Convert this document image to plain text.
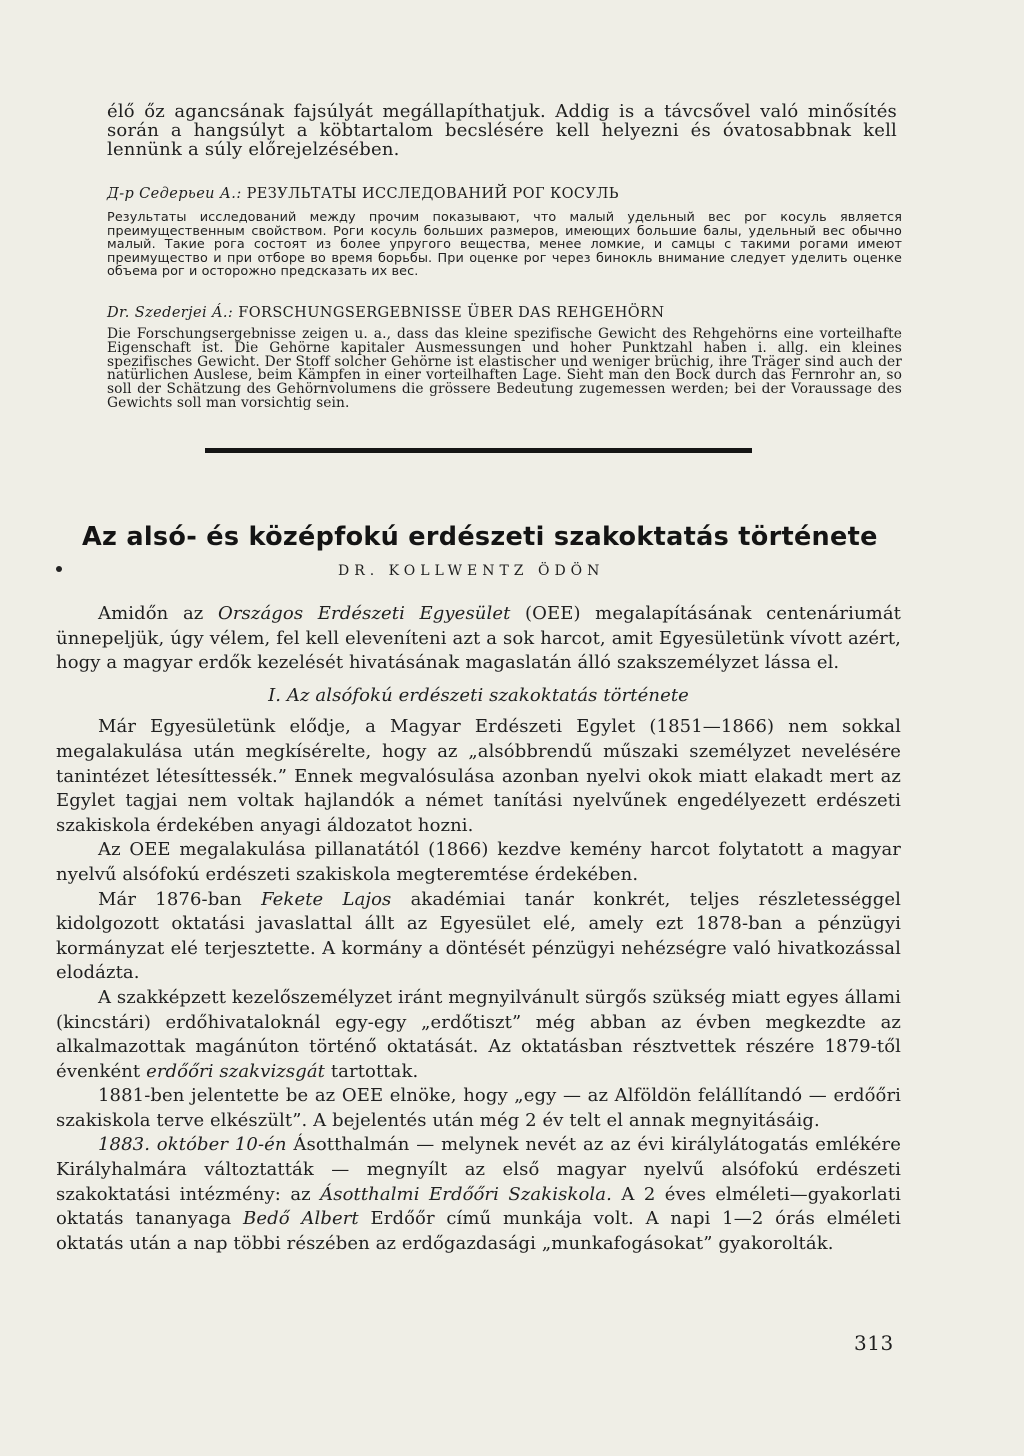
élő őz agancsának fajsúlyát megállapíthatjuk. Addig is a távcsővel való minősítés során a hangsúlyt a köbtartalom becslésére kell helyezni és óvatosabbnak kell lennünk a súly előrejelzésében.
Д-р Седерьеи А.: РЕЗУЛЬТАТЫ ИССЛЕДОВАНИЙ РОГ КОСУЛЬ
Результаты исследований между прочим показывают, что малый удельный вес рог косуль является преимущественным свойством. Роги косуль больших размеров, имеющих большие балы, удельный вес обычно малый. Такие рога состоят из более упругого вещества, менее ломкие, и самцы с такими рогами имеют преимущество и при отборе во время борьбы. При оценке рог через бинокль внимание следует уделить оценке объема рог и осторожно предсказать их вес.
Dr. Szederjei Á.: FORSCHUNGSERGEBNISSE ÜBER DAS REHGEHÖRN
Die Forschungsergebnisse zeigen u. a., dass das kleine spezifische Gewicht des Rehgehörns eine vorteilhafte Eigenschaft ist. Die Gehörne kapitaler Ausmessungen und hoher Punktzahl haben i. allg. ein kleines spezifisches Gewicht. Der Stoff solcher Gehörne ist elastischer und weniger brüchig, ihre Träger sind auch der natürlichen Auslese, beim Kämpfen in einer vorteilhaften Lage. Sieht man den Bock durch das Fernrohr an, so soll der Schätzung des Gehörnvolumens die grössere Bedeutung zugemessen werden; bei der Voraussage des Gewichts soll man vorsichtig sein.
Az alsó- és középfokú erdészeti szakoktatás története
DR. KOLLWENTZ ÖDÖN

Amidőn az Országos Erdészeti Egyesület (OEE) megalapításának centenáriumát ünnepeljük, úgy vélem, fel kell eleveníteni azt a sok harcot, amit Egyesületünk vívott azért, hogy a magyar erdők kezelését hivatásának magaslatán álló szakszemélyzet lássa el.

I. Az alsófokú erdészeti szakoktatás története

Már Egyesületünk elődje, a Magyar Erdészeti Egylet (1851—1866) nem sokkal megalakulása után megkísérelte, hogy az „alsóbbrendű műszaki személyzet nevelésére tanintézet létesíttessék.” Ennek megvalósulása azonban nyelvi okok miatt elakadt mert az Egylet tagjai nem voltak hajlandók a német tanítási nyelvűnek engedélyezett erdészeti szakiskola érdekében anyagi áldozatot hozni.

Az OEE megalakulása pillanatától (1866) kezdve kemény harcot folytatott a magyar nyelvű alsófokú erdészeti szakiskola megteremtése érdekében.

Már 1876-ban Fekete Lajos akadémiai tanár konkrét, teljes részletességgel kidolgozott oktatási javaslattal állt az Egyesület elé, amely ezt 1878-ban a pénzügyi kormányzat elé terjesztette. A kormány a döntését pénzügyi nehézségre való hivatkozással elodázta.

A szakképzett kezelőszemélyzet iránt megnyilvánult sürgős szükség miatt egyes állami (kincstári) erdőhivataloknál egy-egy „erdőtiszt” még abban az évben megkezdte az alkalmazottak magánúton történő oktatását. Az oktatásban résztvettek részére 1879-től évenként erdőőri szakvizsgát tartottak.

1881-ben jelentette be az OEE elnöke, hogy „egy — az Alföldön felállítandó — erdőőri szakiskola terve elkészült”. A bejelentés után még 2 év telt el annak megnyitásáig.

1883. október 10-én Ásotthalmán — melynek nevét az az évi királylátogatás emlékére Királyhalmára változtatták — megnyílt az első magyar nyelvű alsófokú erdészeti szakoktatási intézmény: az Ásotthalmi Erdőőri Szakiskola. A 2 éves elméleti—gyakorlati oktatás tananyaga Bedő Albert Erdőőr című munkája volt. A napi 1—2 órás elméleti oktatás után a nap többi részében az erdőgazdasági „munkafogásokat” gyakorolták.

313
